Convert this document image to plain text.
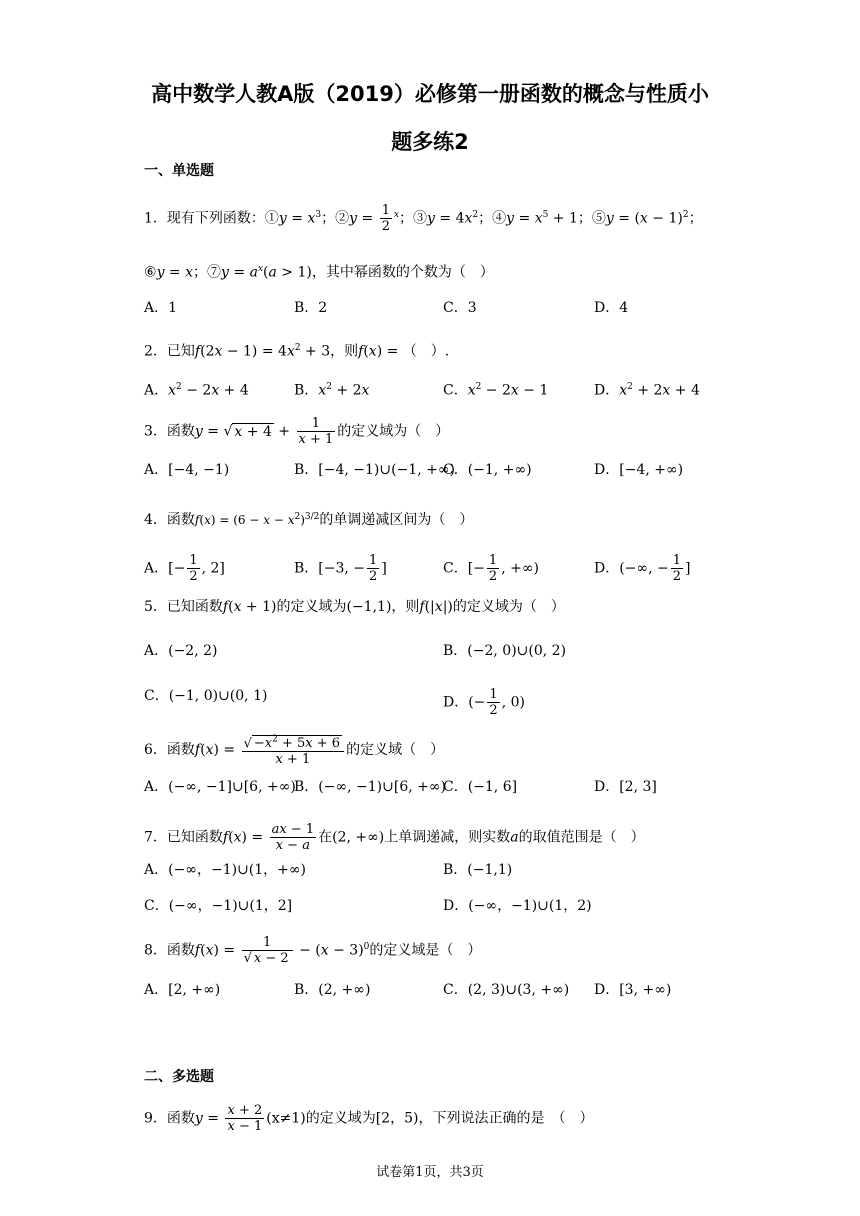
高中数学人教A版（2019）必修第一册函数的概念与性质小
题多练2
一、单选题
1．现有下列函数：①y = $x^3$；②y = $\frac{1}{2} ^x$；③y = $4x^2$；④y = $x^5 + 1$；⑤y = $(x - 1)^2$；
⑥y = x；⑦y = $a^x(a > 1)$，其中幂函数的个数为（　）
A．1	B．2	C．3	D．4
2．已知$f(2x - 1) = 4x^2 + 3$，则f(x) = （　）.
A．$x^2 - 2x + 4$	B．$x^2 + 2x$	C．$x^2 - 2x - 1$	D．$x^2 + 2x + 4$
3．函数y = √ $x + 4 + \frac{1}{x + 1}$ 的定义域为（　）
A．[−4, −1)	B．[−4, −1)∪(−1, +∞)
C．(−1, +∞)	D．[−4, +∞)
4．函数$f(x) = (6 - x - x^2)^{3/2}$的单调递减区间为（　）
A．[− $\frac{1}{2}$ , 2]	B．[−3, − $\frac{1}{2}$ ]	C．[− $\frac{1}{2}$ , +∞)	D．(−∞, − $\frac{1}{2}$ ]
5．已知函数f(x + 1)的定义域为(−1,1)，则f(|x|)的定义域为（　）
A．(−2, 2)	B．(−2, 0)∪(0, 2)
C．(−1, 0)∪(0, 1)	D．(− $\frac{1}{2}$ , 0)
6．函数$f(x) = \frac{√ -x^2 + 5x + 6}{x + 1}$ 的定义域（　）
A．(−∞, −1]∪[6, +∞)
B．(−∞, −1)∪[6, +∞)
C．(−1, 6]	D．[2, 3]
7．已知函数$f(x) = \frac{ax - 1}{x - a}$ 在(2, +∞)上单调递减，则实数a的取值范围是（　）
A．(−∞，−1)∪(1，+∞)	B．(−1,1)
C．(−∞，−1)∪(1，2]	D．(−∞，−1)∪(1，2)
8．函数$f(x) = \frac{1}{√ x - 2} - (x - 3)^0$的定义域是（　）
A．[2, +∞)	B．(2, +∞)	C．(2, 3)∪(3, +∞) D．[3, +∞)
二、多选题
9．函数$y = \frac{x + 2}{x - 1} (x\ne 1)$的定义域为[2，5)，下列说法正确的是　（　）
试卷第1页，共3页
